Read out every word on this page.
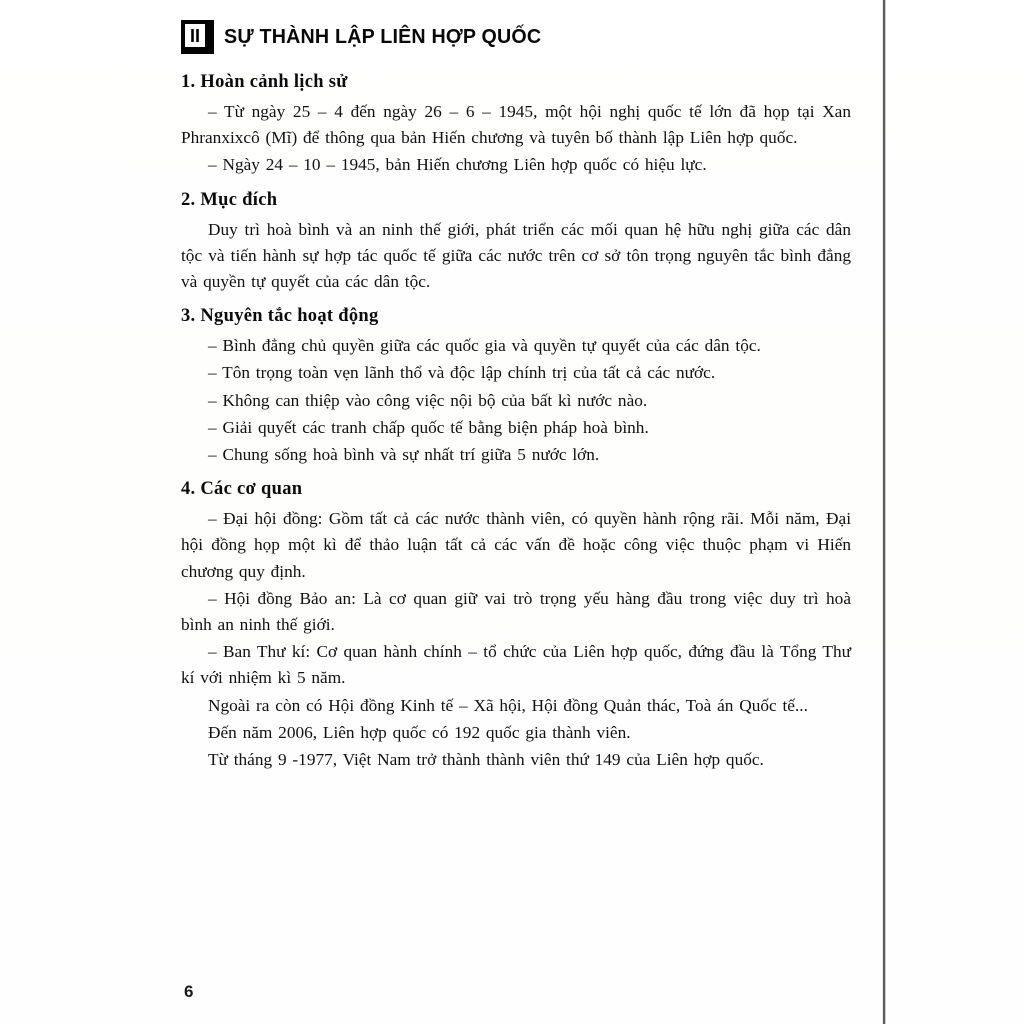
II	SỰ THÀNH LẬP LIÊN HỢP QUỐC
1. Hoàn cảnh lịch sử

– Từ ngày 25 – 4 đến ngày 26 – 6 – 1945, một hội nghị quốc tế lớn đã họp tại Xan Phranxixcô (Mĩ) để thông qua bản Hiến chương và tuyên bố thành lập Liên hợp quốc.

– Ngày 24 – 10 – 1945, bản Hiến chương Liên hợp quốc có hiệu lực.

2. Mục đích

Duy trì hoà bình và an ninh thế giới, phát triển các mối quan hệ hữu nghị giữa các dân tộc và tiến hành sự hợp tác quốc tế giữa các nước trên cơ sở tôn trọng nguyên tắc bình đẳng và quyền tự quyết của các dân tộc.

3. Nguyên tắc hoạt động

– Bình đẳng chủ quyền giữa các quốc gia và quyền tự quyết của các dân tộc.

– Tôn trọng toàn vẹn lãnh thổ và độc lập chính trị của tất cả các nước.

– Không can thiệp vào công việc nội bộ của bất kì nước nào.

– Giải quyết các tranh chấp quốc tế bằng biện pháp hoà bình.

– Chung sống hoà bình và sự nhất trí giữa 5 nước lớn.

4. Các cơ quan

– Đại hội đồng: Gồm tất cả các nước thành viên, có quyền hành rộng rãi. Mỗi năm, Đại hội đồng họp một kì để thảo luận tất cả các vấn đề hoặc công việc thuộc phạm vi Hiến chương quy định.

– Hội đồng Bảo an: Là cơ quan giữ vai trò trọng yếu hàng đầu trong việc duy trì hoà bình an ninh thế giới.

– Ban Thư kí: Cơ quan hành chính – tổ chức của Liên hợp quốc, đứng đầu là Tổng Thư kí với nhiệm kì 5 năm.

Ngoài ra còn có Hội đồng Kinh tế – Xã hội, Hội đồng Quản thác, Toà án Quốc tế...

Đến năm 2006, Liên hợp quốc có 192 quốc gia thành viên.

Từ tháng 9 -1977, Việt Nam trở thành thành viên thứ 149 của Liên hợp quốc.

6
